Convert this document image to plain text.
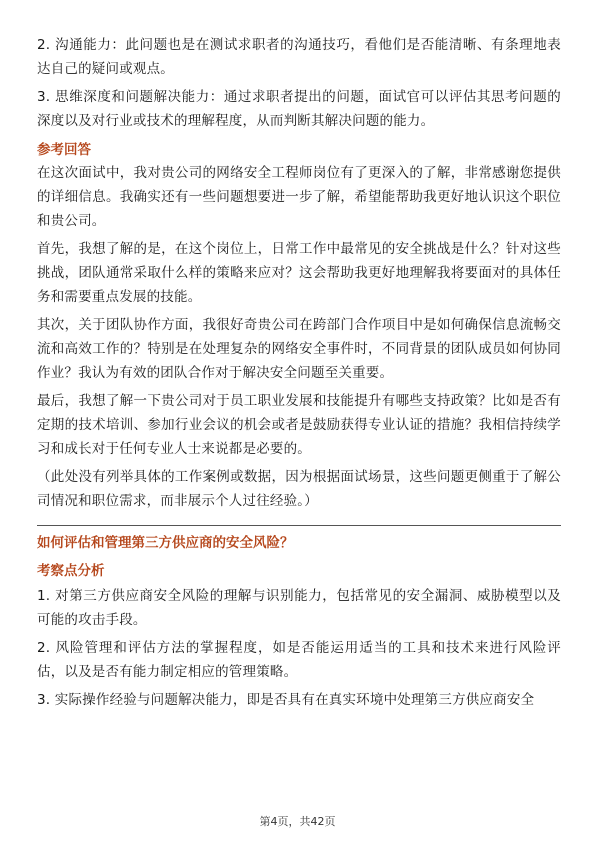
2. 沟通能力：此问题也是在测试求职者的沟通技巧，看他们是否能清晰、有条理地表达自己的疑问或观点。

3. 思维深度和问题解决能力：通过求职者提出的问题，面试官可以评估其思考问题的深度以及对行业或技术的理解程度，从而判断其解决问题的能力。

参考回答

在这次面试中，我对贵公司的网络安全工程师岗位有了更深入的了解，非常感谢您提供的详细信息。我确实还有一些问题想要进一步了解，希望能帮助我更好地认识这个职位和贵公司。

首先，我想了解的是，在这个岗位上，日常工作中最常见的安全挑战是什么？针对这些挑战，团队通常采取什么样的策略来应对？这会帮助我更好地理解我将要面对的具体任务和需要重点发展的技能。

其次，关于团队协作方面，我很好奇贵公司在跨部门合作项目中是如何确保信息流畅交流和高效工作的？特别是在处理复杂的网络安全事件时，不同背景的团队成员如何协同作业？我认为有效的团队合作对于解决安全问题至关重要。

最后，我想了解一下贵公司对于员工职业发展和技能提升有哪些支持政策？比如是否有定期的技术培训、参加行业会议的机会或者是鼓励获得专业认证的措施？我相信持续学习和成长对于任何专业人士来说都是必要的。

（此处没有列举具体的工作案例或数据，因为根据面试场景，这些问题更侧重于了解公司情况和职位需求，而非展示个人过往经验。）

如何评估和管理第三方供应商的安全风险？
考察点分析

1. 对第三方供应商安全风险的理解与识别能力，包括常见的安全漏洞、威胁模型以及可能的攻击手段。

2. 风险管理和评估方法的掌握程度，如是否能运用适当的工具和技术来进行风险评估，以及是否有能力制定相应的管理策略。

3. 实际操作经验与问题解决能力，即是否具有在真实环境中处理第三方供应商安全

第4页，共42页
